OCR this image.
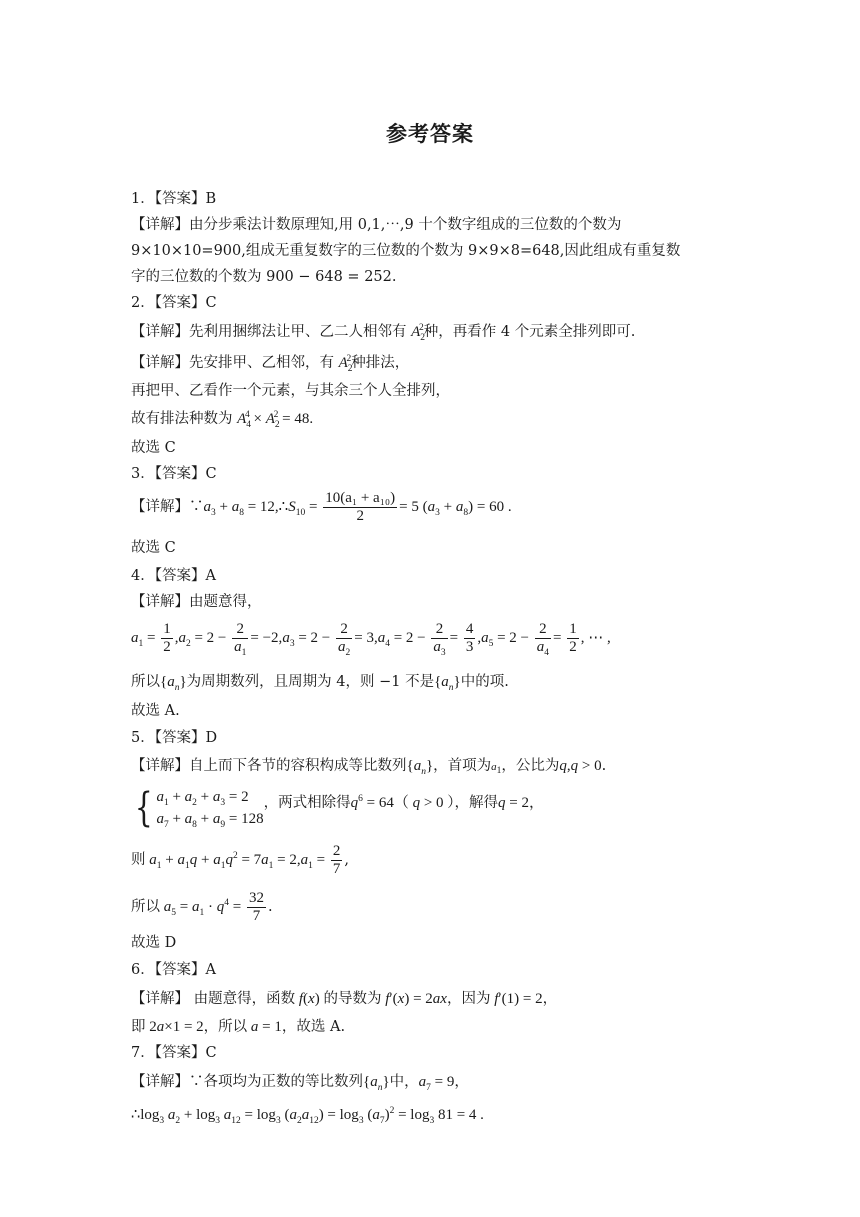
参考答案
1．【答案】B
【详解】由分步乘法计数原理知,用 0,1,⋯,9 十个数字组成的三位数的个数为
9×10×10=900,组成无重复数字的三位数的个数为 9×9×8=648,因此组成有重复数
字的三位数的个数为 900 − 648 = 252.
2．【答案】C
【详解】先利用捆绑法让甲、乙二人相邻有 $A_2^2$种，再看作 4 个元素全排列即可.
【详解】先安排甲、乙相邻，有 $A_2^2$种排法，
再把甲、乙看作一个元素，与其余三个人全排列，
故有排法种数为 $A_4^4 \times A_2^2 = 48$.
故选 C
3．【答案】C
【详解】$\because a_3 + a_8$ = $12,\therefore S_{10} = \frac{\text{10(a₁ + a₁₀)}}{2} = 5$ $(a_3 + a_8) = 60$ .
故选 C
4．【答案】A
【详解】由题意得，
$a_1 = \frac{1}{2} ,a_2 = 2 - \frac{2}{a_1} = -2,a_3 = 2 - \frac{2}{a_2} = 3,a_4 = 2 - \frac{2}{a_3} = \frac{4}{3} ,a_5 = 2 - \frac{2}{a_4} = \frac{1}{2}$ , ⋯ ,
所以$\{a_n\}$为周期数列，且周期为 4，则 −1 不是$\{a_n\}$中的项.
故选 A.
5．【答案】D
【详解】自上而下各节的容积构成等比数列$\{a_n\}$，首项为$a_1$，公比为q,q > 0.
{ $a_1 + a_2 + a_3 = 2$
$a_7 + a_8 + a_9 = 128$
，两式相除得$q^6 = 64$（ q > 0 ），解得q = 2，
则 $a_1 + a_1q + a_1q^2 = 7a_1 = 2,a_1 = \frac{2}{7}$ ,
所以 $a_5 = a_1 \cdot q^4 = \frac{32}{7}$ .
故选 D
6．【答案】A
【详解】 由题意得，函数 f(x) 的导数为 f′(x) = 2ax，因为 f′(1) = 2，
即 2a×1 = 2，所以 a = 1，故选 A.
7．【答案】C
【详解】∵各项均为正数的等比数列$\{a_n\}$中，$a_7 = 9$，
$\therefore\log_3$ $a_2 + \log_3 a_{12} = \log_3 (a_2a_{12}) = \log_3 (a_7)^2 = \log_3 81 = 4$ .
